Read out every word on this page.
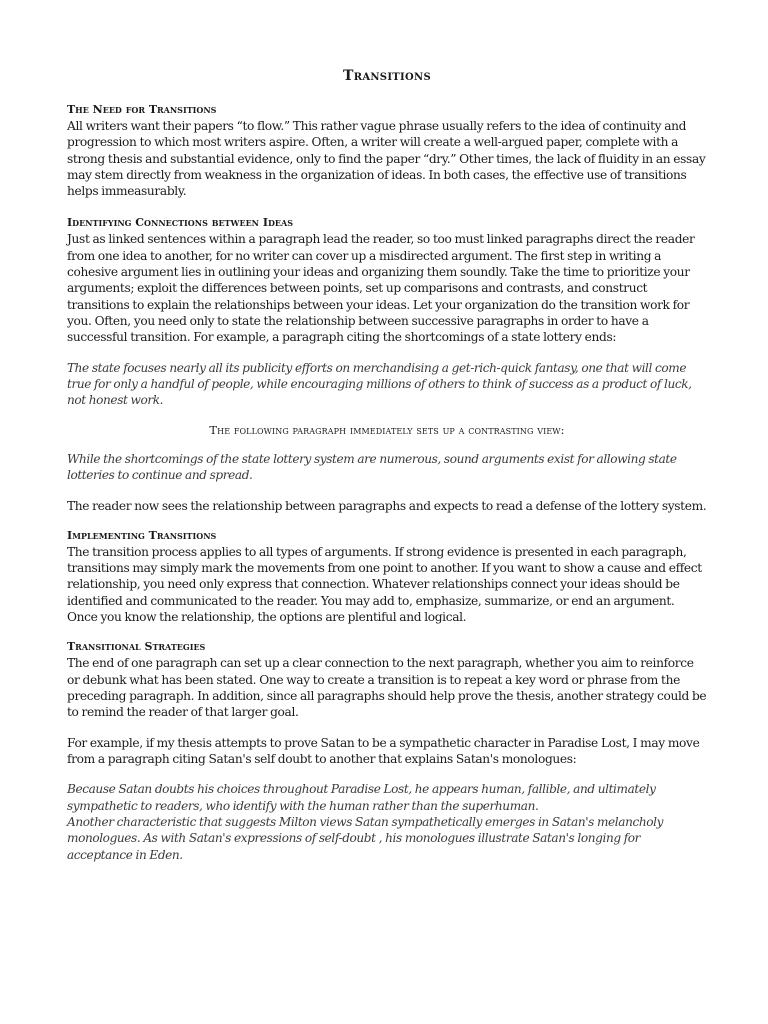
Transitions
The Need for Transitions

All writers want their papers “to flow.” This rather vague phrase usually refers to the idea of continuity and progression to which most writers aspire. Often, a writer will create a well-argued paper, complete with a strong thesis and substantial evidence, only to find the paper “dry.” Other times, the lack of fluidity in an essay may stem directly from weakness in the organization of ideas. In both cases, the effective use of transitions helps immeasurably.

Identifying Connections between Ideas

Just as linked sentences within a paragraph lead the reader, so too must linked paragraphs direct the reader from one idea to another, for no writer can cover up a misdirected argument. The first step in writing a cohesive argument lies in outlining your ideas and organizing them soundly. Take the time to prioritize your arguments; exploit the differences between points, set up comparisons and contrasts, and construct transitions to explain the relationships between your ideas. Let your organization do the transition work for you. Often, you need only to state the relationship between successive paragraphs in order to have a successful transition. For example, a paragraph citing the shortcomings of a state lottery ends:

The state focuses nearly all its publicity efforts on merchandising a get-rich-quick fantasy, one that will come true for only a handful of people, while encouraging millions of others to think of success as a product of luck, not honest work.

The following paragraph immediately sets up a contrasting view:

While the shortcomings of the state lottery system are numerous, sound arguments exist for allowing state lotteries to continue and spread.

The reader now sees the relationship between paragraphs and expects to read a defense of the lottery system.

Implementing Transitions

The transition process applies to all types of arguments. If strong evidence is presented in each paragraph, transitions may simply mark the movements from one point to another. If you want to show a cause and effect relationship, you need only express that connection. Whatever relationships connect your ideas should be identified and communicated to the reader. You may add to, emphasize, summarize, or end an argument. Once you know the relationship, the options are plentiful and logical.

Transitional Strategies

The end of one paragraph can set up a clear connection to the next paragraph, whether you aim to reinforce or debunk what has been stated. One way to create a transition is to repeat a key word or phrase from the preceding paragraph. In addition, since all paragraphs should help prove the thesis, another strategy could be to remind the reader of that larger goal.

For example, if my thesis attempts to prove Satan to be a sympathetic character in Paradise Lost, I may move from a paragraph citing Satan's self doubt to another that explains Satan's monologues:

Because Satan doubts his choices throughout Paradise Lost, he appears human, fallible, and ultimately sympathetic to readers, who identify with the human rather than the superhuman.

Another characteristic that suggests Milton views Satan sympathetically emerges in Satan's melancholy monologues. As with Satan's expressions of self-doubt , his monologues illustrate Satan's longing for acceptance in Eden.
